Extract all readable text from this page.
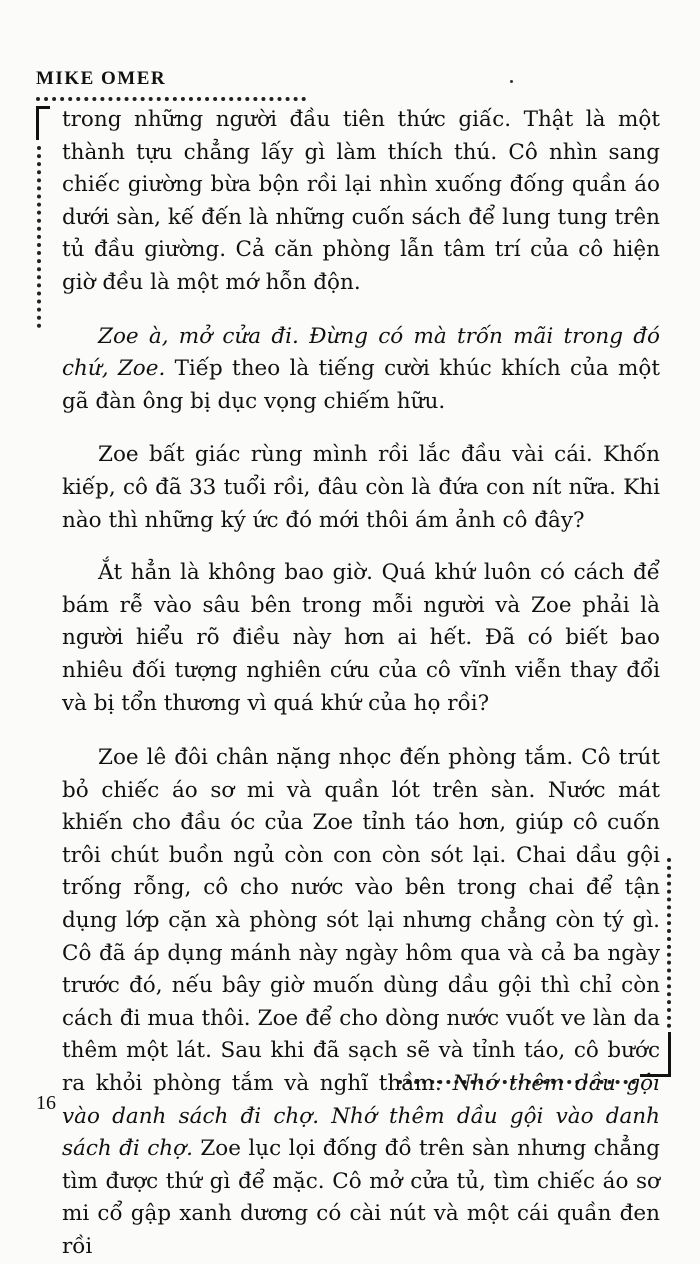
MIKE OMER

trong những người đầu tiên thức giấc. Thật là một thành tựu chẳng lấy gì làm thích thú. Cô nhìn sang chiếc giường bừa bộn rồi lại nhìn xuống đống quần áo dưới sàn, kế đến là những cuốn sách để lung tung trên tủ đầu giường. Cả căn phòng lẫn tâm trí của cô hiện giờ đều là một mớ hỗn độn.

Zoe à, mở cửa đi. Đừng có mà trốn mãi trong đó chứ, Zoe. Tiếp theo là tiếng cười khúc khích của một gã đàn ông bị dục vọng chiếm hữu.

Zoe bất giác rùng mình rồi lắc đầu vài cái. Khốn kiếp, cô đã 33 tuổi rồi, đâu còn là đứa con nít nữa. Khi nào thì những ký ức đó mới thôi ám ảnh cô đây?

Ắt hẳn là không bao giờ. Quá khứ luôn có cách để bám rễ vào sâu bên trong mỗi người và Zoe phải là người hiểu rõ điều này hơn ai hết. Đã có biết bao nhiêu đối tượng nghiên cứu của cô vĩnh viễn thay đổi và bị tổn thương vì quá khứ của họ rồi?

Zoe lê đôi chân nặng nhọc đến phòng tắm. Cô trút bỏ chiếc áo sơ mi và quần lót trên sàn. Nước mát khiến cho đầu óc của Zoe tỉnh táo hơn, giúp cô cuốn trôi chút buồn ngủ còn con còn sót lại. Chai dầu gội trống rỗng, cô cho nước vào bên trong chai để tận dụng lớp cặn xà phòng sót lại nhưng chẳng còn tý gì. Cô đã áp dụng mánh này ngày hôm qua và cả ba ngày trước đó, nếu bây giờ muốn dùng dầu gội thì chỉ còn cách đi mua thôi. Zoe để cho dòng nước vuốt ve làn da thêm một lát. Sau khi đã sạch sẽ và tỉnh táo, cô bước ra khỏi phòng tắm và nghĩ thầm: Nhớ thêm dầu gội vào danh sách đi chợ. Nhớ thêm dầu gội vào danh sách đi chợ. Zoe lục lọi đống đồ trên sàn nhưng chẳng tìm được thứ gì để mặc. Cô mở cửa tủ, tìm chiếc áo sơ mi cổ gập xanh dương có cài nút và một cái quần đen rồi

16
